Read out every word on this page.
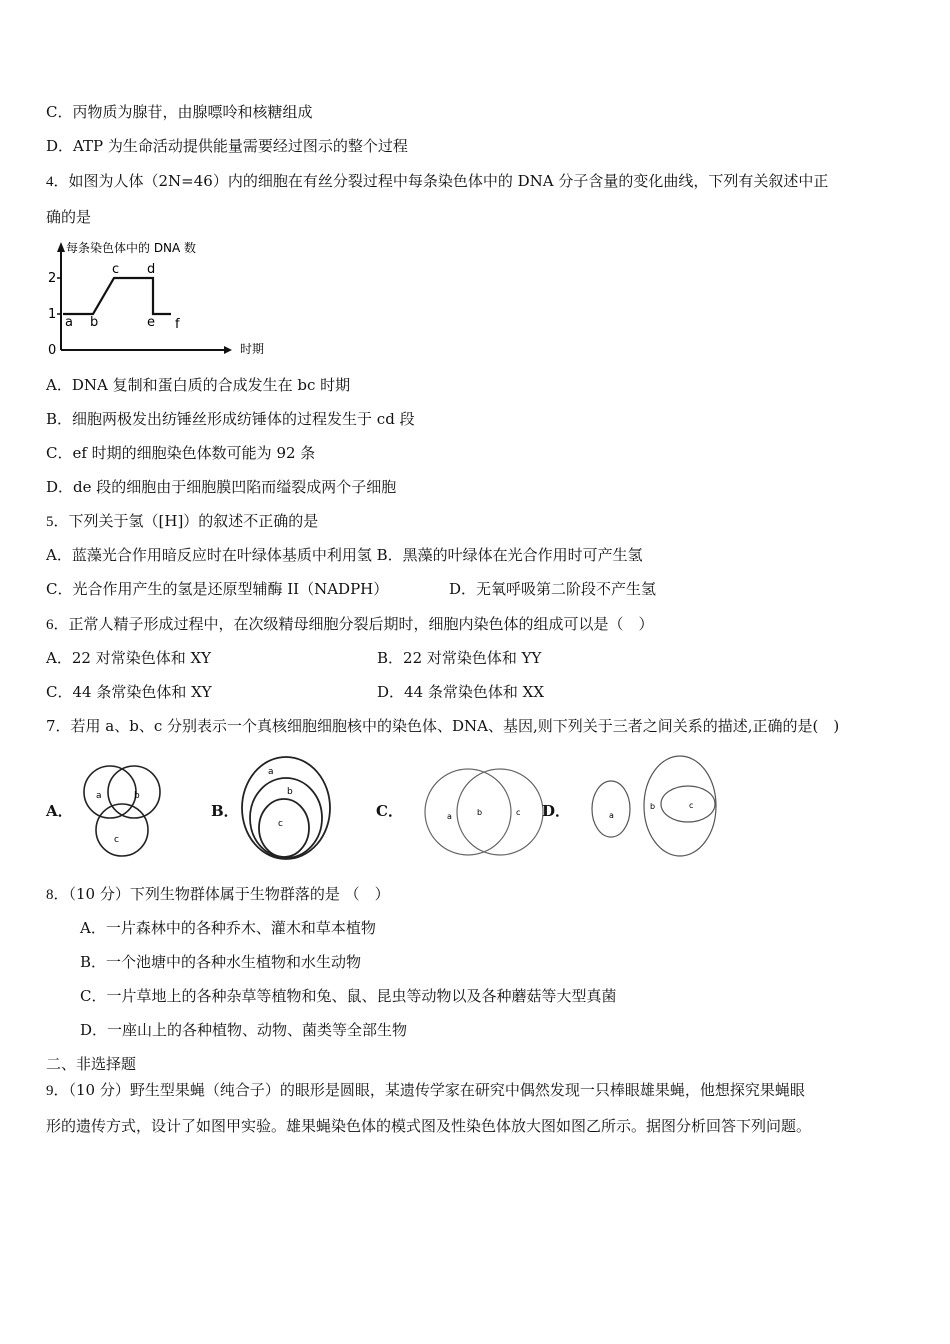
C．丙物质为腺苷，由腺嘌呤和核糖组成
D．ATP 为生命活动提供能量需要经过图示的整个过程
4．如图为人体（2N=46）内的细胞在有丝分裂过程中每条染色体中的 DNA 分子含量的变化曲线，下列有关叙述中正
确的是
每条染色体中的 DNA 数
时期
0
1
2
a b
c d
e f
A．DNA 复制和蛋白质的合成发生在 bc 时期
B．细胞两极发出纺锤丝形成纺锤体的过程发生于 cd 段
C．ef 时期的细胞染色体数可能为 92 条
D．de 段的细胞由于细胞膜凹陷而缢裂成两个子细胞
5．下列关于氢（[H]）的叙述不正确的是
A．蓝藻光合作用暗反应时在叶绿体基质中利用氢 B．黑藻的叶绿体在光合作用时可产生氢
C．光合作用产生的氢是还原型辅酶 II（NADPH）	D．无氧呼吸第二阶段不产生氢
6．正常人精子形成过程中，在次级精母细胞分裂后期时，细胞内染色体的组成可以是（　）
A．22 对常染色体和 XY	B．22 对常染色体和 YY
C．44 条常染色体和 XY	D．44 条常染色体和 XX
7．若用 a、b、c 分别表示一个真核细胞细胞核中的染色体、DNA、基因,则下列关于三者之间关系的描述,正确的是(　)
A．
a	b
c
B．
a
b
c
C．	a	b	c D．	a
b	c
8．（10 分）下列生物群体属于生物群落的是 （　）
A．一片森林中的各种乔木、灌木和草本植物
B．一个池塘中的各种水生植物和水生动物
C．一片草地上的各种杂草等植物和兔、鼠、昆虫等动物以及各种蘑菇等大型真菌
D．一座山上的各种植物、动物、菌类等全部生物
二、非选择题
9．（10 分）野生型果蝇（纯合子）的眼形是圆眼，某遗传学家在研究中偶然发现一只棒眼雄果蝇，他想探究果蝇眼
形的遗传方式，设计了如图甲实验。雄果蝇染色体的模式图及性染色体放大图如图乙所示。据图分析回答下列问题。
